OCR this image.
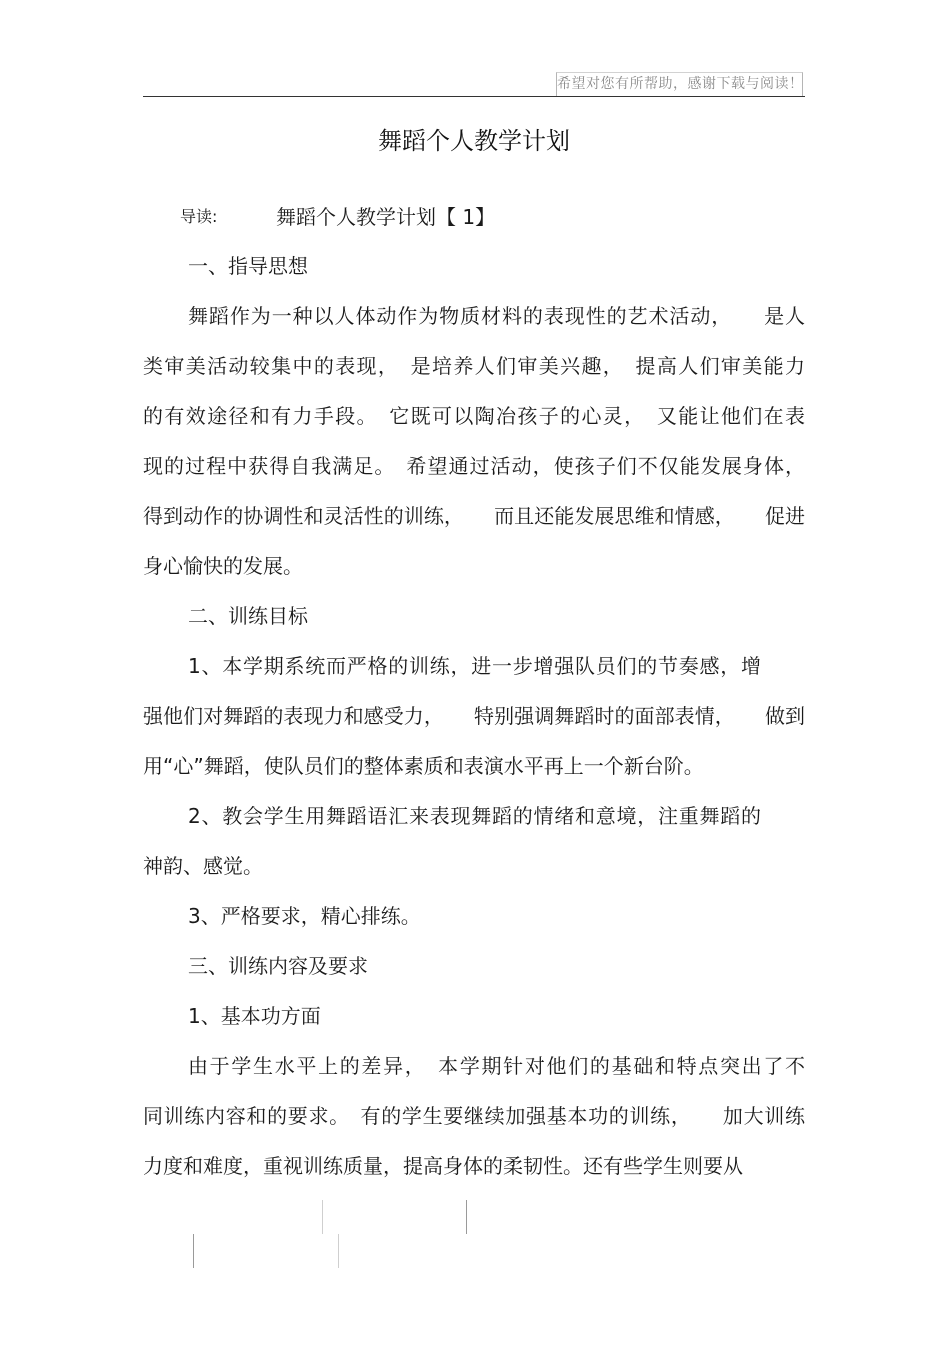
希望对您有所帮助，感谢下载与阅读！
舞蹈个人教学计划
导读:	舞蹈个人教学计划【 1】
一、指导思想
舞蹈作为一种以人体动作为物质材料的表现性的艺术活动，　　是人
类审美活动较集中的表现，　是培养人们审美兴趣，　提高人们审美能力
的有效途径和有力手段。　它既可以陶冶孩子的心灵，　又能让他们在表
现的过程中获得自我满足。　希望通过活动，使孩子们不仅能发展身体，
得到动作的协调性和灵活性的训练，　　而且还能发展思维和情感，　　促进
身心愉快的发展。
二、训练目标
1、本学期系统而严格的训练，进一步增强队员们的节奏感，增
强他们对舞蹈的表现力和感受力，　　特别强调舞蹈时的面部表情，　　做到
用“心”舞蹈，使队员们的整体素质和表演水平再上一个新台阶。
2、教会学生用舞蹈语汇来表现舞蹈的情绪和意境，注重舞蹈的
神韵、感觉。
3、严格要求，精心排练。
三、训练内容及要求
1、基本功方面
由于学生水平上的差异，　本学期针对他们的基础和特点突出了不
同训练内容和的要求。　有的学生要继续加强基本功的训练，　　加大训练
力度和难度，重视训练质量，提高身体的柔韧性。还有些学生则要从
